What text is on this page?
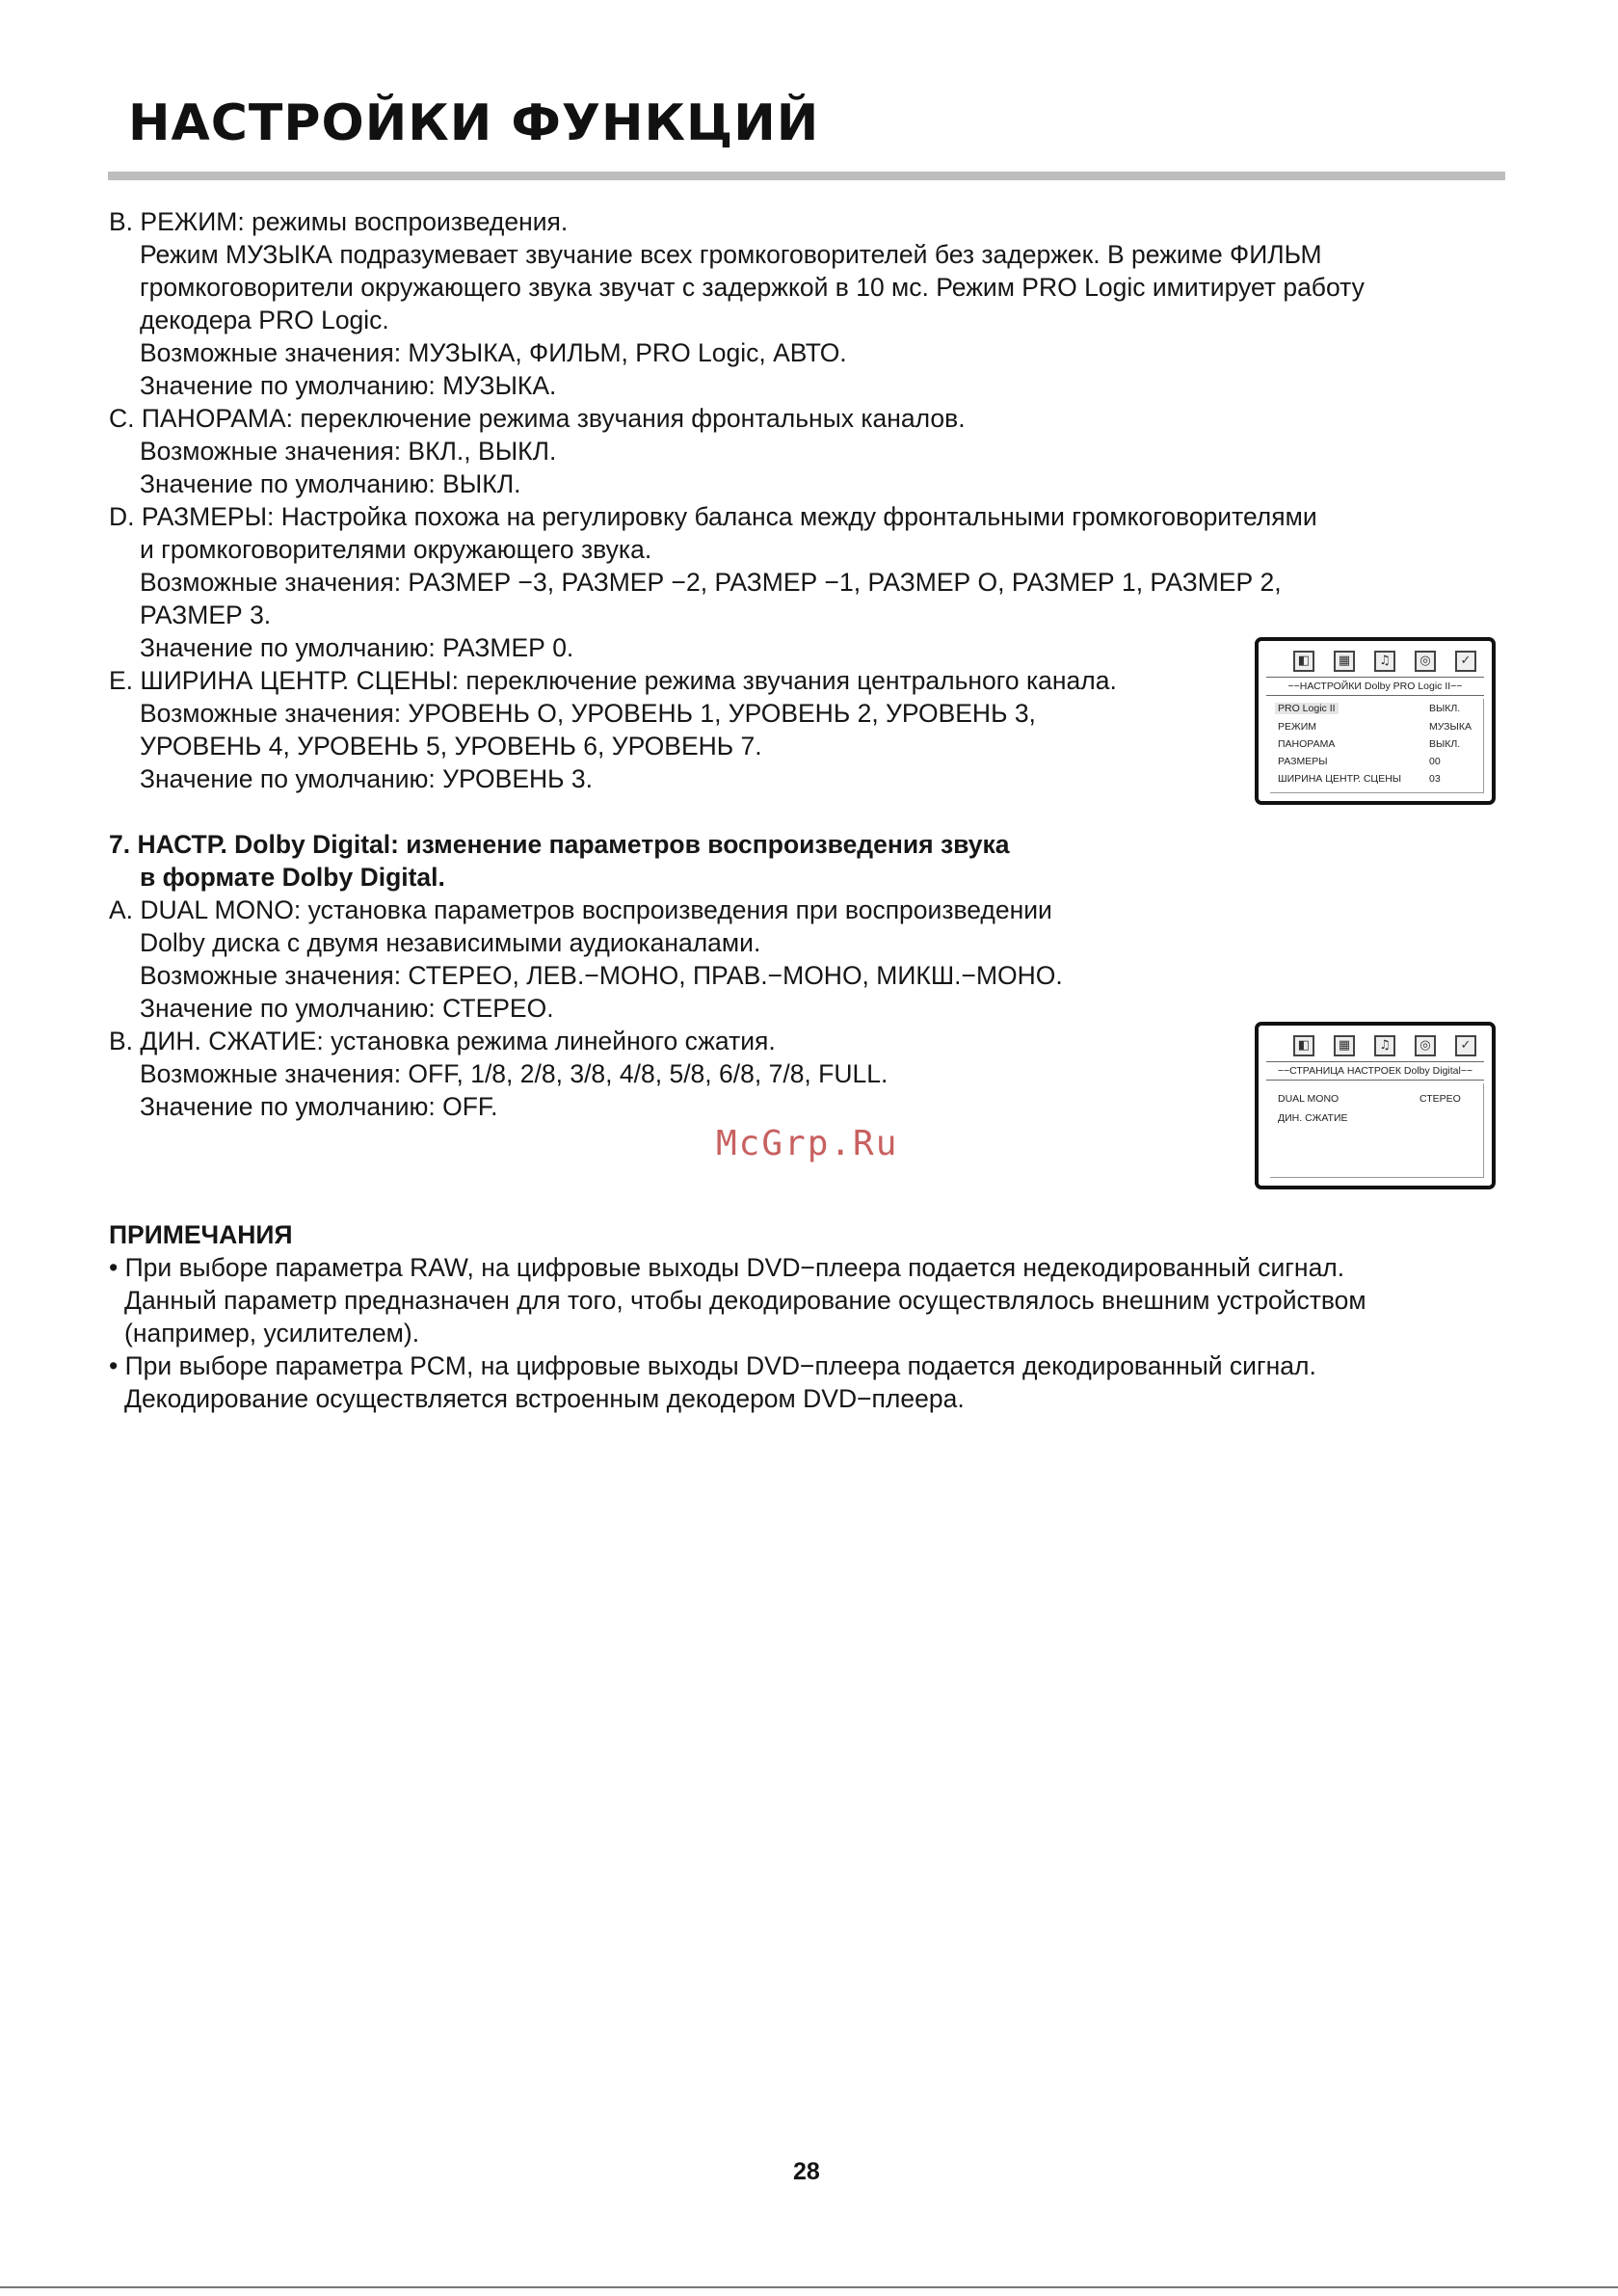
НАСТРОЙКИ ФУНКЦИЙ
B. РЕЖИМ: режимы воспроизведения.
Режим МУЗЫКА подразумевает звучание всех громкоговорителей без задержек. В режиме ФИЛЬМ
громкоговорители окружающего звука звучат с задержкой в 10 мс. Режим PRO Logic имитирует работу
декодера PRO Logic.
Возможные значения: МУЗЫКА, ФИЛЬМ, PRO Logic, АВТО.
Значение по умолчанию: МУЗЫКА.
C. ПАНОРАМА: переключение режима звучания фронтальных каналов.
Возможные значения: ВКЛ., ВЫКЛ.
Значение по умолчанию: ВЫКЛ.
D. РАЗМЕРЫ: Настройка похожа на регулировку баланса между фронтальными громкоговорителями
и громкоговорителями окружающего звука.
Возможные значения: РАЗМЕР −3, РАЗМЕР −2, РАЗМЕР −1, РАЗМЕР О, РАЗМЕР 1, РАЗМЕР 2,
РАЗМЕР 3.
Значение по умолчанию: РАЗМЕР 0.
E. ШИРИНА ЦЕНТР. СЦЕНЫ: переключение режима звучания центрального канала.
Возможные значения: УРОВЕНЬ О, УРОВЕНЬ 1, УРОВЕНЬ 2, УРОВЕНЬ 3,
УРОВЕНЬ 4, УРОВЕНЬ 5, УРОВЕНЬ 6, УРОВЕНЬ 7.
Значение по умолчанию: УРОВЕНЬ 3.
◧	▦	♫	◎	✓
−−НАСТРОЙКИ Dolby PRO Logic II−−
PRO Logic II	ВЫКЛ.
РЕЖИМ	МУЗЫКА
ПАНОРАМА	ВЫКЛ.
РАЗМЕРЫ	00
ШИРИНА ЦЕНТР. СЦЕНЫ	03
7. НАСТР. Dolby Digital: изменение параметров воспроизведения звука
в формате Dolby Digital.
A. DUAL MONO: установка параметров воспроизведения при воспроизведении
Dolby диска с двумя независимыми аудиоканалами.
Возможные значения: СТЕРЕО, ЛЕВ.−МОНО, ПРАВ.−МОНО, МИКШ.−МОНО.
Значение по умолчанию: СТЕРЕО.
B. ДИН. СЖАТИЕ: установка режима линейного сжатия.
Возможные значения: OFF, 1/8, 2/8, 3/8, 4/8, 5/8, 6/8, 7/8, FULL.
Значение по умолчанию: OFF.
◧	▦	♫	◎	✓
−−СТРАНИЦА НАСТРОЕК Dolby Digital−−
DUAL MONO	СТЕРЕО
ДИН. СЖАТИЕ
McGrp.Ru
ПРИМЕЧАНИЯ
• При выборе параметра RAW, на цифровые выходы DVD−плеера подается недекодированный сигнал.
Данный параметр предназначен для того, чтобы декодирование осуществлялось внешним устройством
(например, усилителем).
• При выборе параметра PCM, на цифровые выходы DVD−плеера подается декодированный сигнал.
Декодирование осуществляется встроенным декодером DVD−плеера.
28
